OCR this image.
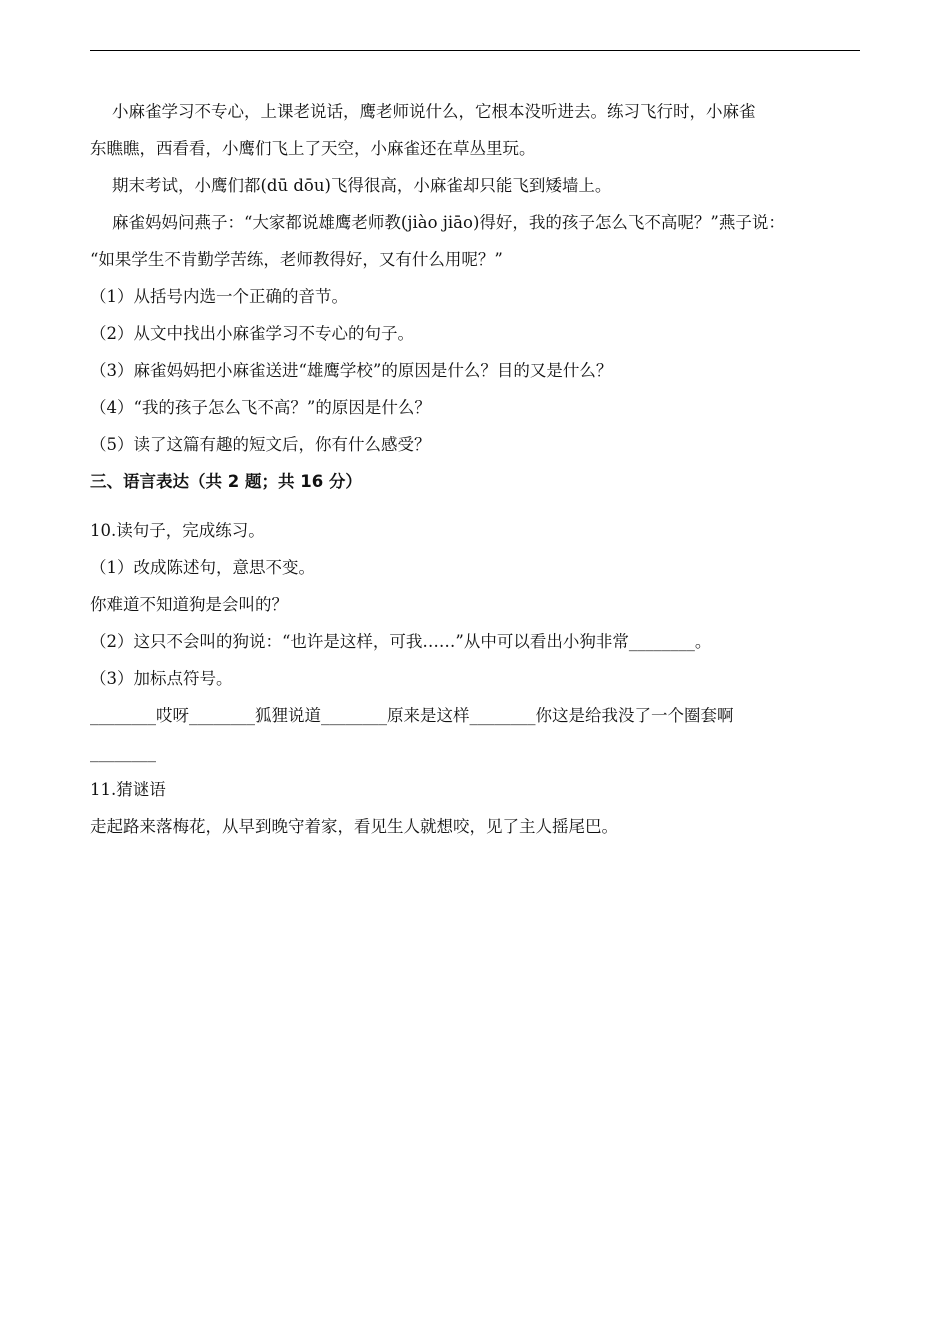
小麻雀学习不专心，上课老说话，鹰老师说什么，它根本没听进去。练习飞行时，小麻雀
东瞧瞧，西看看，小鹰们飞上了天空，小麻雀还在草丛里玩。
期末考试，小鹰们都(dū dōu)飞得很高，小麻雀却只能飞到矮墙上。
麻雀妈妈问燕子：“大家都说雄鹰老师教(jiào jiāo)得好，我的孩子怎么飞不高呢？”燕子说：
“如果学生不肯勤学苦练，老师教得好，又有什么用呢？”
（1）从括号内选一个正确的音节。
（2）从文中找出小麻雀学习不专心的句子。
（3）麻雀妈妈把小麻雀送进“雄鹰学校”的原因是什么？目的又是什么？
（4）“我的孩子怎么飞不高？”的原因是什么？
（5）读了这篇有趣的短文后，你有什么感受？
三、语言表达（共 2 题；共 16 分）
10.读句子，完成练习。
（1）改成陈述句，意思不变。
你难道不知道狗是会叫的？
（2）这只不会叫的狗说：“也许是这样，可我……”从中可以看出小狗非常________。
（3）加标点符号。
________哎呀________狐狸说道________原来是这样________你这是给我没了一个圈套啊
________
11.猜谜语
走起路来落梅花，从早到晚守着家，看见生人就想咬，见了主人摇尾巴。
